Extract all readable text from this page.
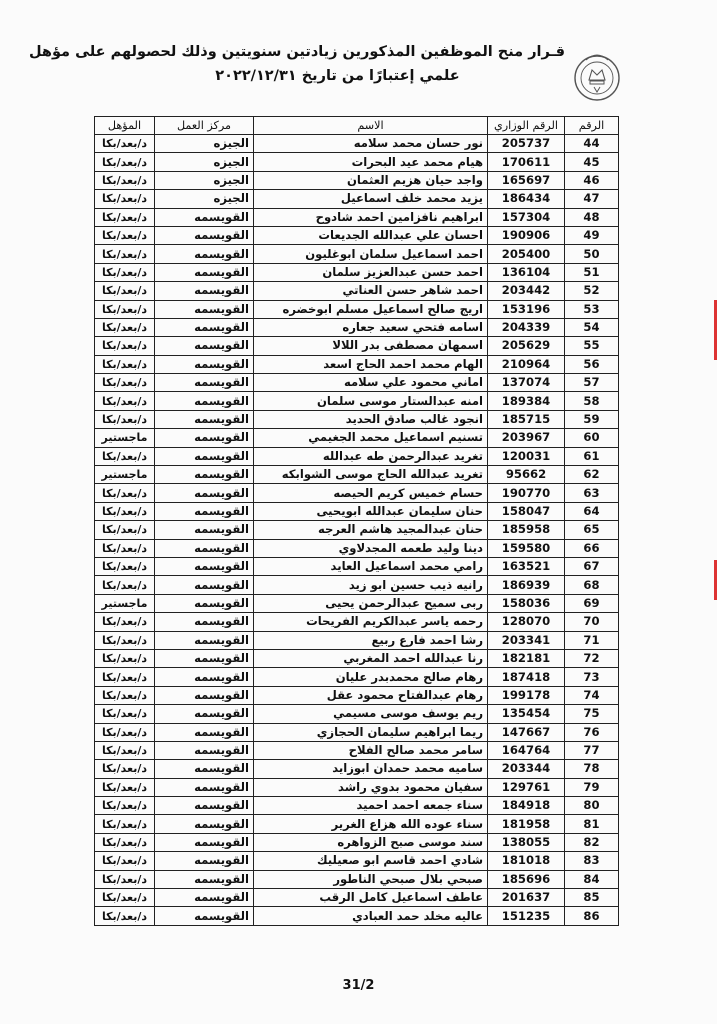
قـرار منح الموظفين المذكورين زيادتين سنويتين وذلك لحصولهم على مؤهل
علمي إعتبارًا من تاريخ ٢٠٢٢/١٢/٣١
الرقم	الرقم الوزاري	الاسم	مركز العمل	المؤهل
44	205737	نور حسان محمد سلامه	الجيزه	د/بعد/بكا
45	170611	هيام محمد عيد البحرات	الجيزه	د/بعد/بكا
46	165697	واجد حيان هزيم العثمان	الجيزه	د/بعد/بكا
47	186434	يزيد محمد خلف اسماعيل	الجيزه	د/بعد/بكا
48	157304	ابراهيم نافزامين احمد شادوح	القويسمه	د/بعد/بكا
49	190906	احسان علي عبدالله الجديعات	القويسمه	د/بعد/بكا
50	205400	احمد اسماعيل سلمان ابوغليون	القويسمه	د/بعد/بكا
51	136104	احمد حسن عبدالعزيز سلمان	القويسمه	د/بعد/بكا
52	203442	احمد شاهر حسن العناتي	القويسمه	د/بعد/بكا
53	153196	اريج صالح اسماعيل مسلم ابوخضره	القويسمه	د/بعد/بكا
54	204339	اسامه فتحي سعيد جعاره	القويسمه	د/بعد/بكا
55	205629	اسمهان مصطفى بدر اللالا	القويسمه	د/بعد/بكا
56	210964	الهام محمد احمد الحاج اسعد	القويسمه	د/بعد/بكا
57	137074	اماني محمود علي سلامه	القويسمه	د/بعد/بكا
58	189384	امنه عبدالستار موسى سلمان	القويسمه	د/بعد/بكا
59	185715	انجود غالب صادق الحديد	القويسمه	د/بعد/بكا
60	203967	تسنيم اسماعيل محمد الجغيمي	القويسمه	ماجستير
61	120031	تغريد عبدالرحمن طه عبدالله	القويسمه	د/بعد/بكا
62	95662	تغريد عبدالله الحاج موسى الشوابكه	القويسمه	ماجستير
63	190770	حسام خميس كريم الحيصه	القويسمه	د/بعد/بكا
64	158047	حنان سليمان عبدالله ابويحيى	القويسمه	د/بعد/بكا
65	185958	حنان عبدالمجيد هاشم العرجه	القويسمه	د/بعد/بكا
66	159580	دينا وليد طعمه المجدلاوي	القويسمه	د/بعد/بكا
67	163521	رامي محمد اسماعيل العايد	القويسمه	د/بعد/بكا
68	186939	رانيه ذيب حسين ابو زيد	القويسمه	د/بعد/بكا
69	158036	ربى سميح عبدالرحمن يحيى	القويسمه	ماجستير
70	128070	رحمه ياسر عبدالكريم الفريحات	القويسمه	د/بعد/بكا
71	203341	رشا احمد فارع ربيع	القويسمه	د/بعد/بكا
72	182181	رنا عبدالله احمد المغربي	القويسمه	د/بعد/بكا
73	187418	رهام صالح محمدبدر عليان	القويسمه	د/بعد/بكا
74	199178	رهام عبدالفتاح محمود عقل	القويسمه	د/بعد/بكا
75	135454	ريم يوسف موسى مسيمي	القويسمه	د/بعد/بكا
76	147667	ريما ابراهيم سليمان الحجازي	القويسمه	د/بعد/بكا
77	164764	سامر محمد صالح الفلاح	القويسمه	د/بعد/بكا
78	203344	ساميه محمد حمدان ابوزايد	القويسمه	د/بعد/بكا
79	129761	سفيان محمود بدوي راشد	القويسمه	د/بعد/بكا
80	184918	سناء جمعه احمد احميد	القويسمه	د/بعد/بكا
81	181958	سناء عوده الله هزاع الغرير	القويسمه	د/بعد/بكا
82	138055	سند موسى صبح الزواهره	القويسمه	د/بعد/بكا
83	181018	شادي احمد قاسم ابو صعيليك	القويسمه	د/بعد/بكا
84	185696	صبحي بلال صبحي الناطور	القويسمه	د/بعد/بكا
85	201637	عاطف اسماعيل كامل الرقب	القويسمه	د/بعد/بكا
86	151235	عاليه مخلد حمد العبادي	القويسمه	د/بعد/بكا
31/2
